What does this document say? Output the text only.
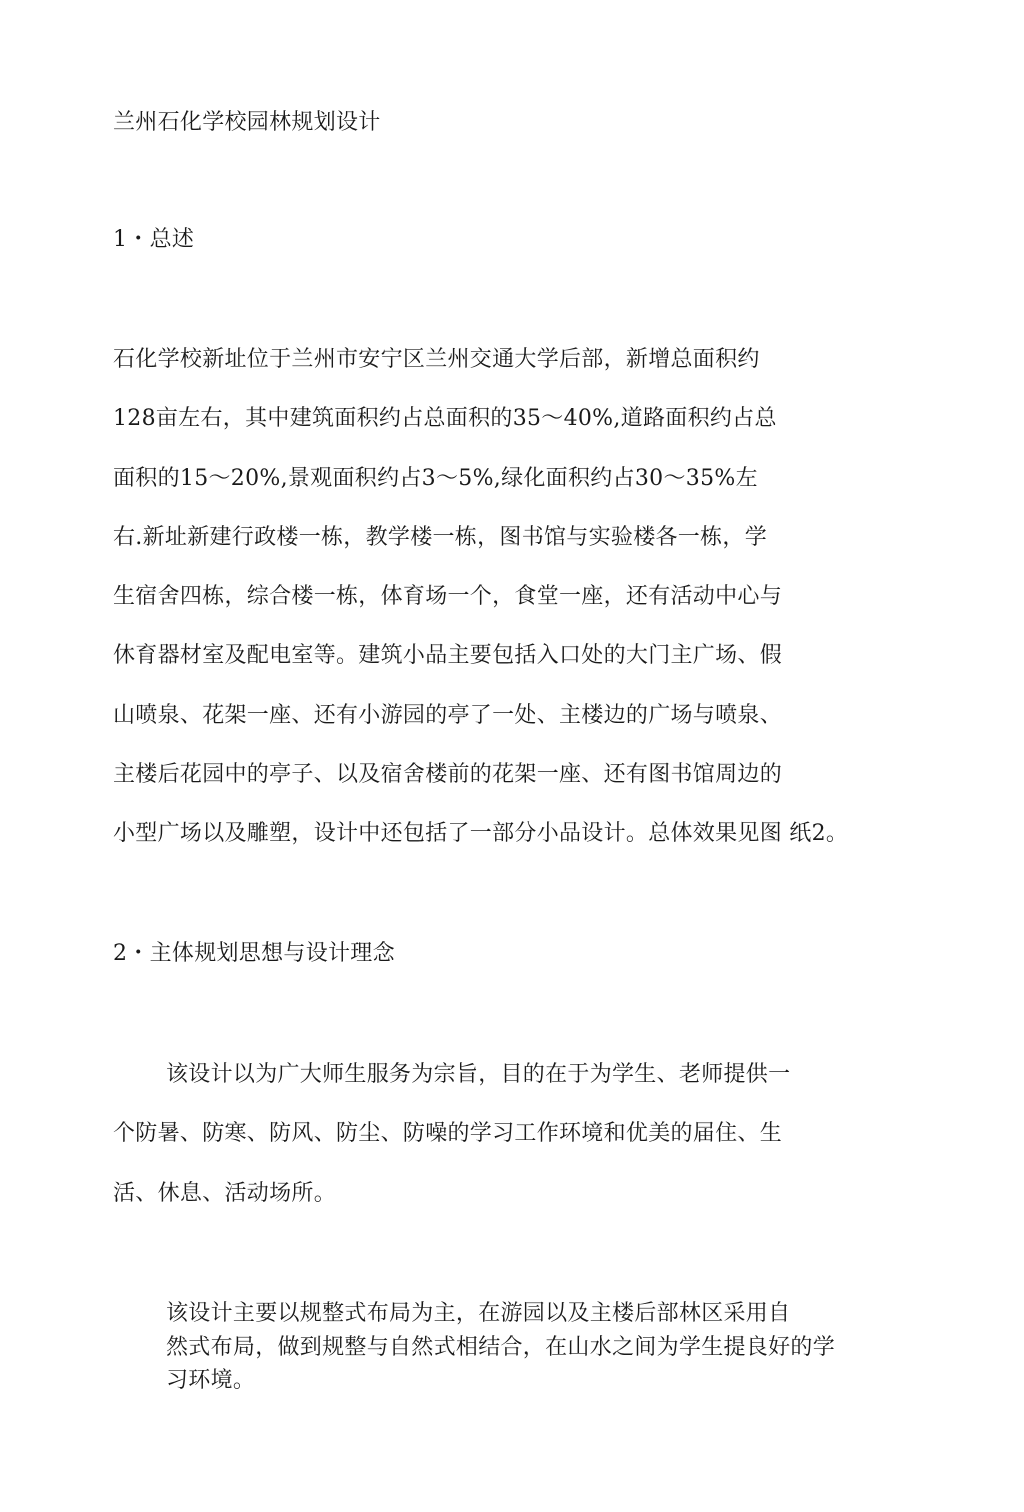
兰州石化学校园林规划设计
1・总述
石化学校新址位于兰州市安宁区兰州交通大学后部，新增总面积约
128亩左右，其中建筑面积约占总面积的35～40%,道路面积约占总
面积的15～20%,景观面积约占3～5%,绿化面积约占30～35%左
右.新址新建行政楼一栋，教学楼一栋，图书馆与实验楼各一栋，学
生宿舍四栋，综合楼一栋，体育场一个，食堂一座，还有活动中心与
休育器材室及配电室等。建筑小品主要包括入口处的大门主广场、假
山喷泉、花架一座、还有小游园的亭了一处、主楼边的广场与喷泉、
主楼后花园中的亭子、以及宿舍楼前的花架一座、还有图书馆周边的
小型广场以及雕塑，设计中还包括了一部分小品设计。总体效果见图 纸2。
2・主体规划思想与设计理念
该设计以为广大师生服务为宗旨，目的在于为学生、老师提供一
个防暑、防寒、防风、防尘、防噪的学习工作环境和优美的届住、生
活、休息、活动场所。
该设计主要以规整式布局为主，在游园以及主楼后部林区采用自
然式布局，做到规整与自然式相结合，在山水之间为学生提良好的学
习环境。
